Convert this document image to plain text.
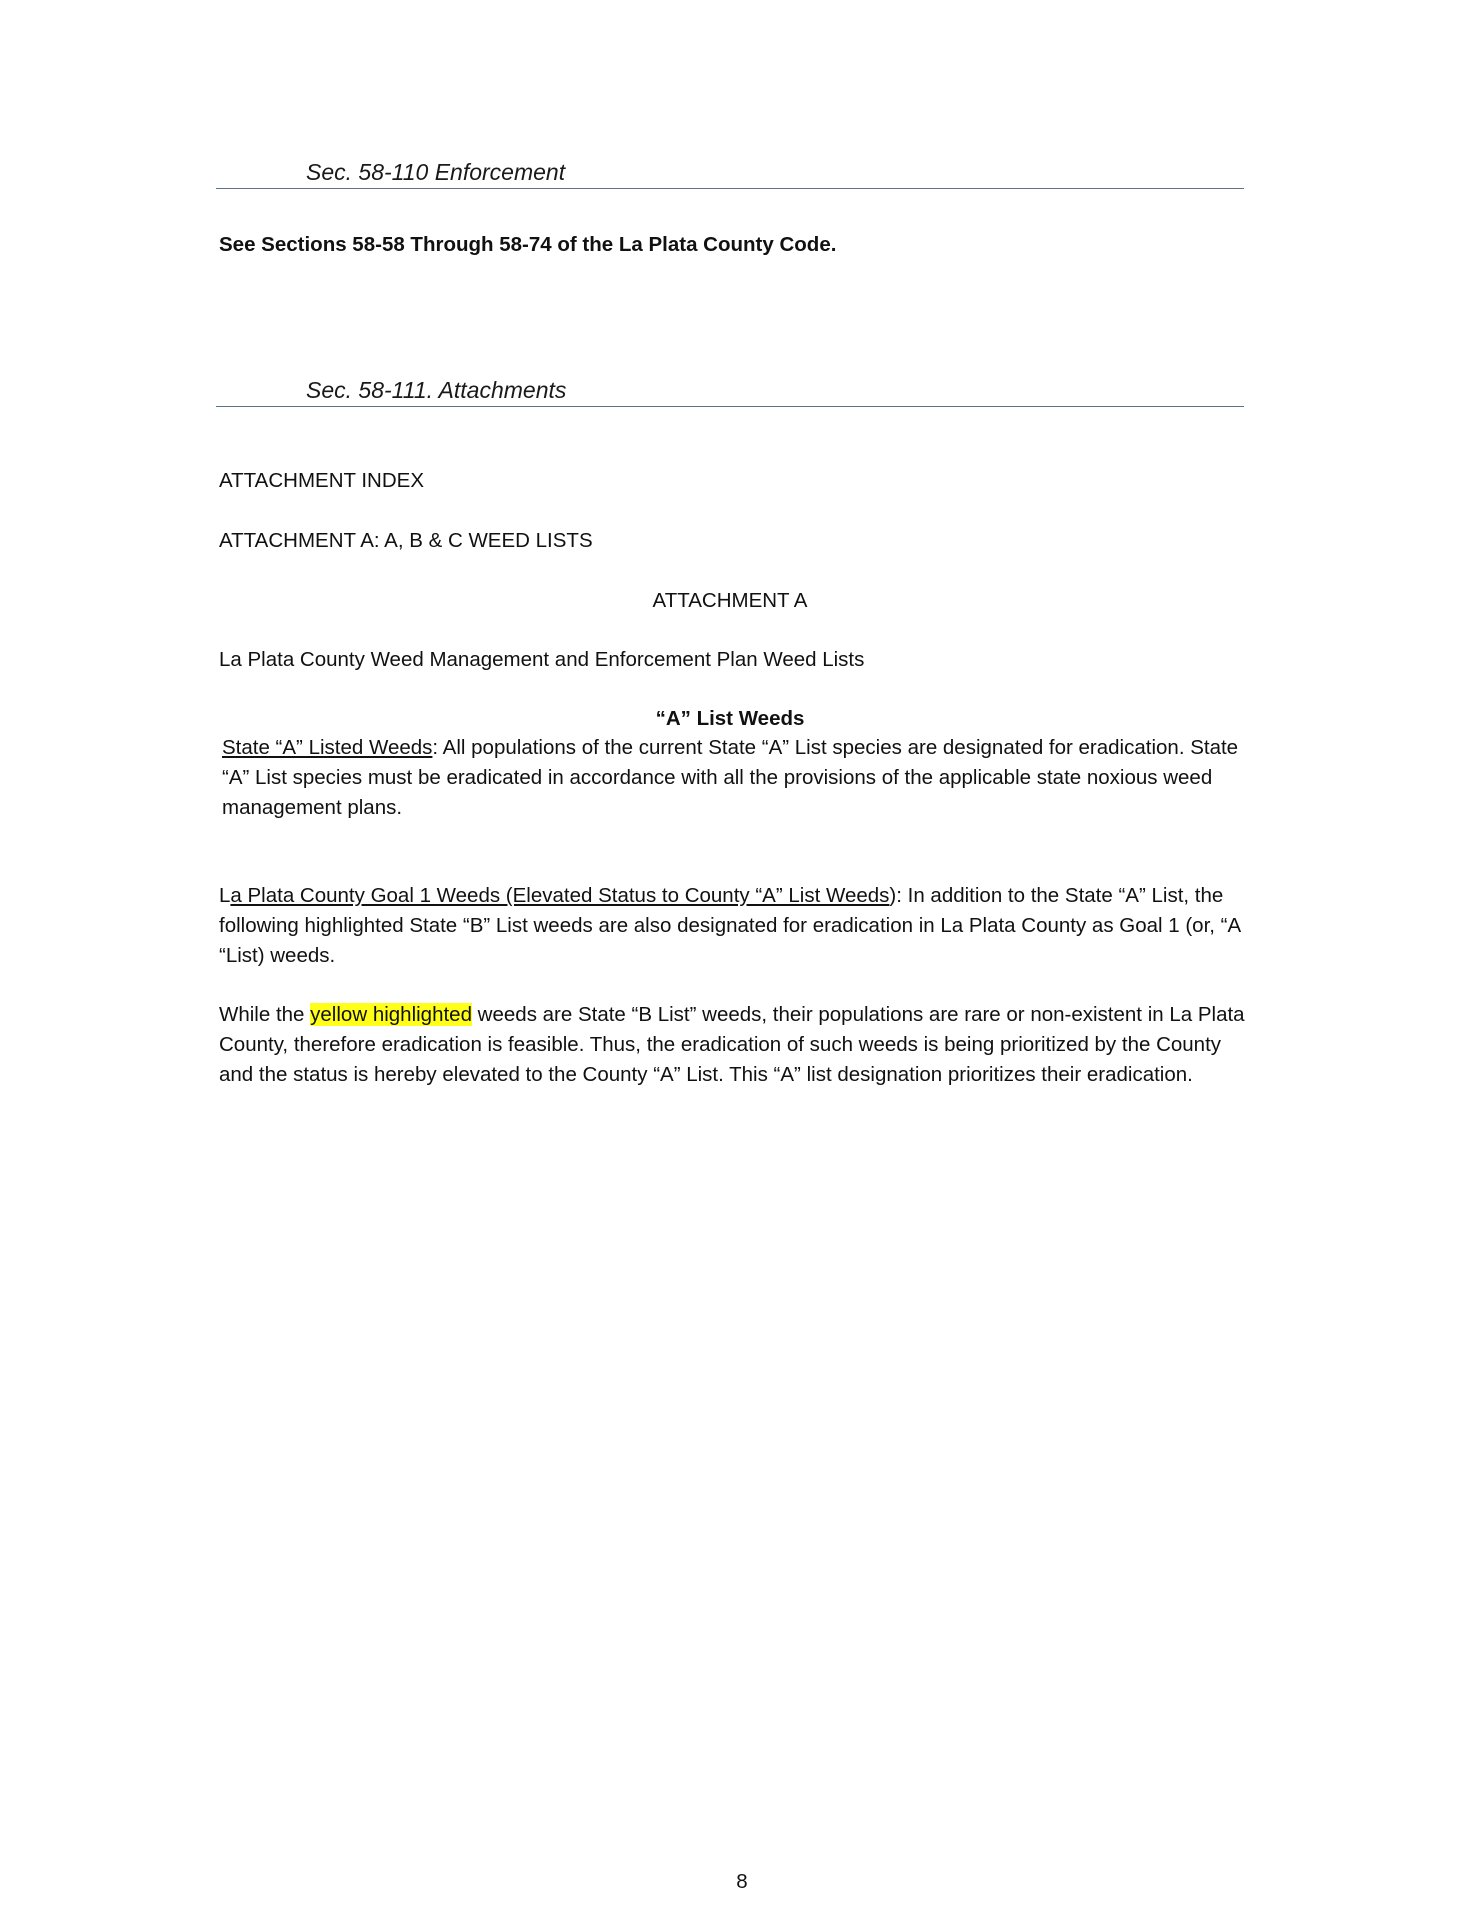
Sec. 58-110 Enforcement
See Sections 58-58 Through 58-74 of the La Plata County Code.
Sec. 58-111. Attachments
ATTACHMENT INDEX
ATTACHMENT A: A, B & C WEED LISTS
ATTACHMENT A
La Plata County Weed Management and Enforcement Plan Weed Lists
“A” List Weeds
State “A” Listed Weeds: All populations of the current State “A” List species are designated for eradication. State “A” List species must be eradicated in accordance with all the provisions of the applicable state noxious weed management plans.
La Plata County Goal 1 Weeds (Elevated Status to County “A” List Weeds): In addition to the State “A” List, the following highlighted State “B” List weeds are also designated for eradication in La Plata County as Goal 1 (or, “A “List) weeds.
While the yellow highlighted weeds are State “B List” weeds, their populations are rare or non-existent in La Plata County, therefore eradication is feasible. Thus, the eradication of such weeds is being prioritized by the County and the status is hereby elevated to the County “A” List. This “A” list designation prioritizes their eradication.
8
